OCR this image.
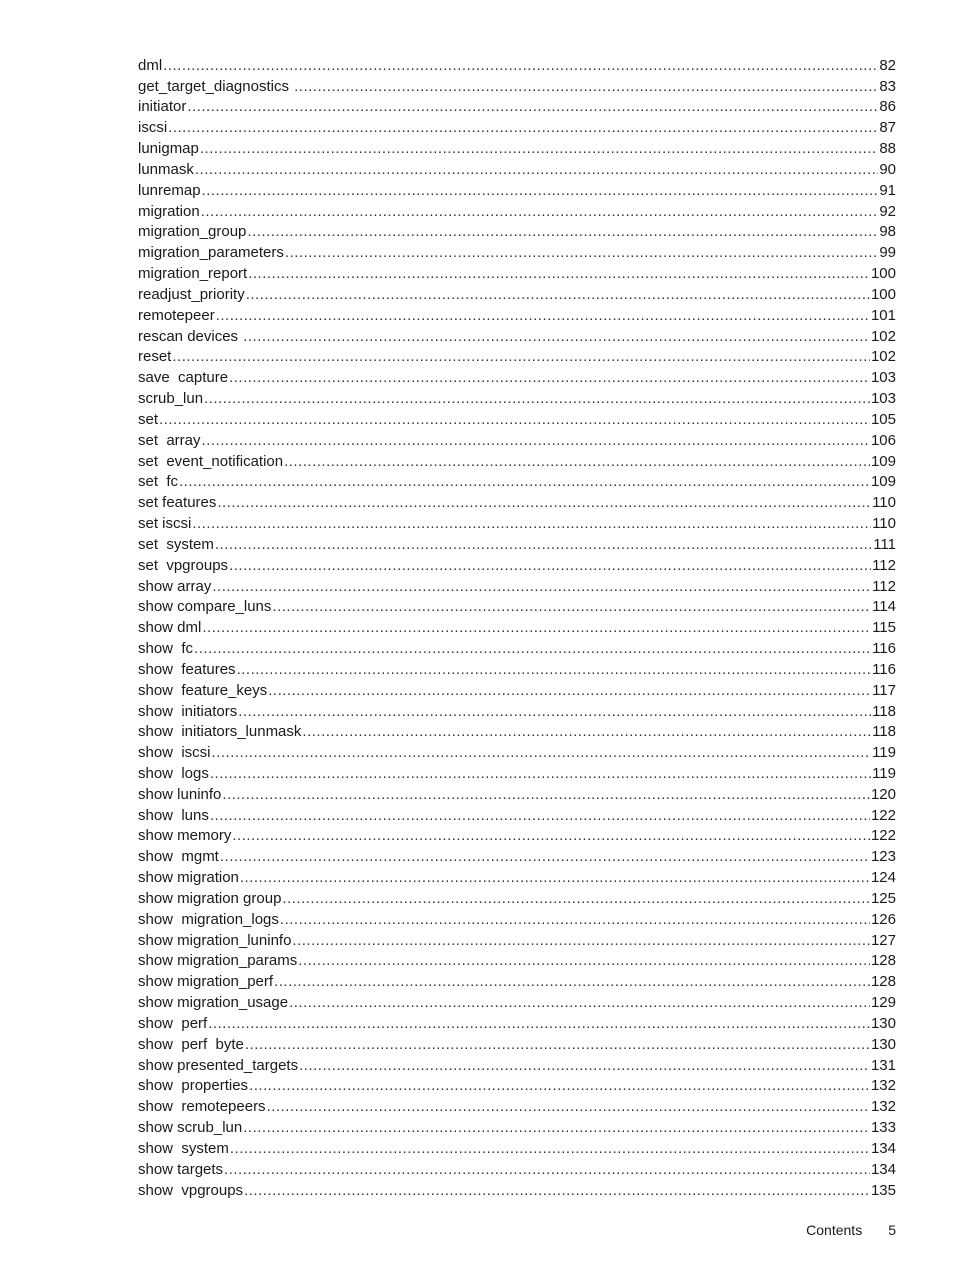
dml .....	82
get_target_diagnostics .....	83
initiator .....	86
iscsi .....	87
lunigmap .....	88
lunmask .....	90
lunremap .....	91
migration .....	92
migration_group .....	98
migration_parameters .....	99
migration_report .....	100
readjust_priority .....	100
remotepeer .....	101
rescan devices .....	102
reset .....	102
save  capture .....	103
scrub_lun .....	103
set .....	105
set  array .....	106
set  event_notification .....	109
set  fc .....	109
set features .....	110
set iscsi .....	110
set  system .....	111
set  vpgroups .....	112
show array .....	112
show compare_luns .....	114
show dml .....	115
show  fc .....	116
show  features .....	116
show  feature_keys .....	117
show  initiators .....	118
show  initiators_lunmask .....	118
show  iscsi .....	119
show  logs .....	119
show luninfo .....	120
show  luns .....	122
show memory .....	122
show  mgmt .....	123
show migration .....	124
show migration group .....	125
show  migration_logs .....	126
show migration_luninfo .....	127
show migration_params .....	128
show migration_perf .....	128
show migration_usage .....	129
show  perf .....	130
show  perf  byte .....	130
show presented_targets .....	131
show  properties .....	132
show  remotepeers .....	132
show scrub_lun .....	133
show  system .....	134
show targets .....	134
show  vpgroups .....	135
Contents 5
